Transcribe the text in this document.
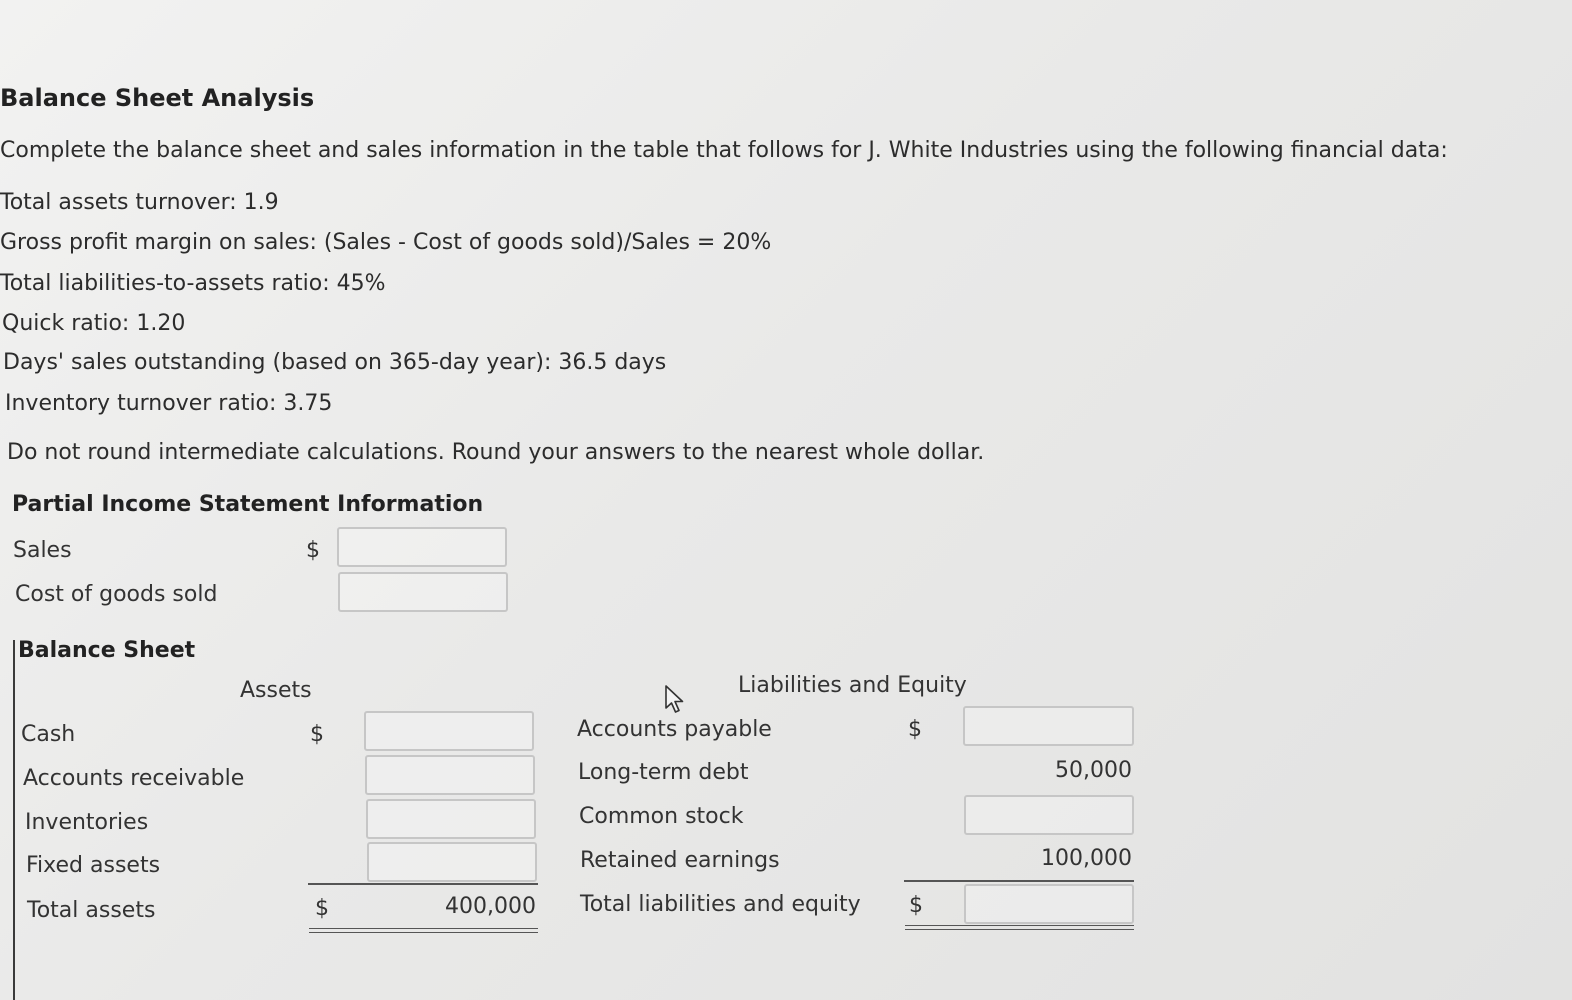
Balance Sheet Analysis
Complete the balance sheet and sales information in the table that follows for J. White Industries using the following financial data:
Total assets turnover: 1.9
Gross profit margin on sales: (Sales - Cost of goods sold)/Sales = 20%
Total liabilities-to-assets ratio: 45%
Quick ratio: 1.20
Days' sales outstanding (based on 365-day year): 36.5 days
Inventory turnover ratio: 3.75
Do not round intermediate calculations. Round your answers to the nearest whole dollar.
Partial Income Statement Information
Sales	$
Cost of goods sold
Balance Sheet
Assets	Liabilities and Equity
Cash	$
Accounts receivable
Inventories
Fixed assets
Total assets	$	400,000
Accounts payable	$
Long-term debt	50,000
Common stock
Retained earnings	100,000
Total liabilities and equity $
